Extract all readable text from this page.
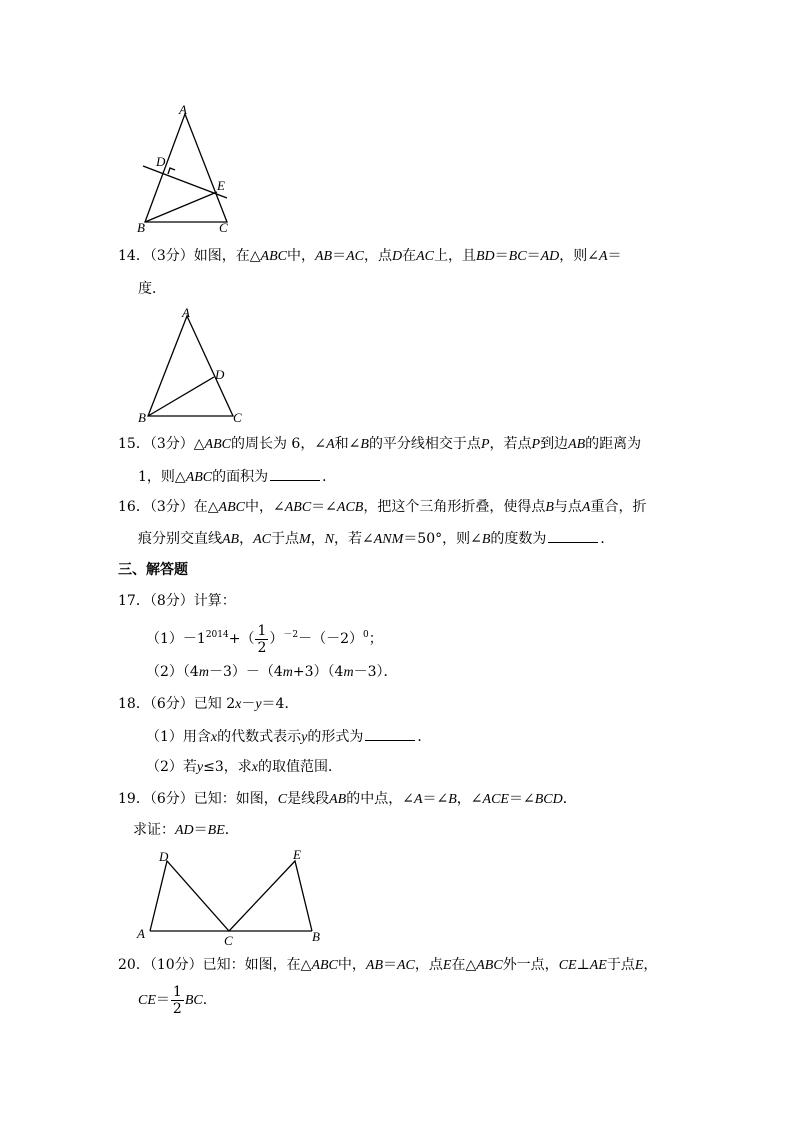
A
D
E
B	C
14．（3分）如图，在△ABC中，AB＝AC，点D在AC上，且BD＝BC＝AD，则∠A＝
度．
A
D
B	C
15．（3分）△ABC的周长为 6，∠A和∠B的平分线相交于点P，若点P到边AB的距离为
1，则△ABC的面积为	．
16．（3分）在△ABC中，∠ABC＝∠ACB，把这个三角形折叠，使得点B与点A重合，折
痕分别交直线AB，AC于点M，N，若∠ANM＝50°，则∠B的度数为	．
三、解答题
17．（8分）计算：
$(1)-1^{2014}+( \frac{1}{2} )^{-2}-(-2)^0$；
（2）（4m－3）－（4m+3）（4m－3）．
18．（6分）已知 2x－y＝4．
（1）用含x的代数式表示y的形式为	．
（2）若y≤3，求x的取值范围．
19．（6分）已知：如图，C是线段AB的中点，∠A＝∠B，∠ACE＝∠BCD．
求证：AD＝BE．
D	E
A	C	B
20．（10分）已知：如图，在△ABC中，AB＝AC，点E在△ABC外一点，CE⊥AE于点E，
$CE= \frac{1}{2}$ BC．
